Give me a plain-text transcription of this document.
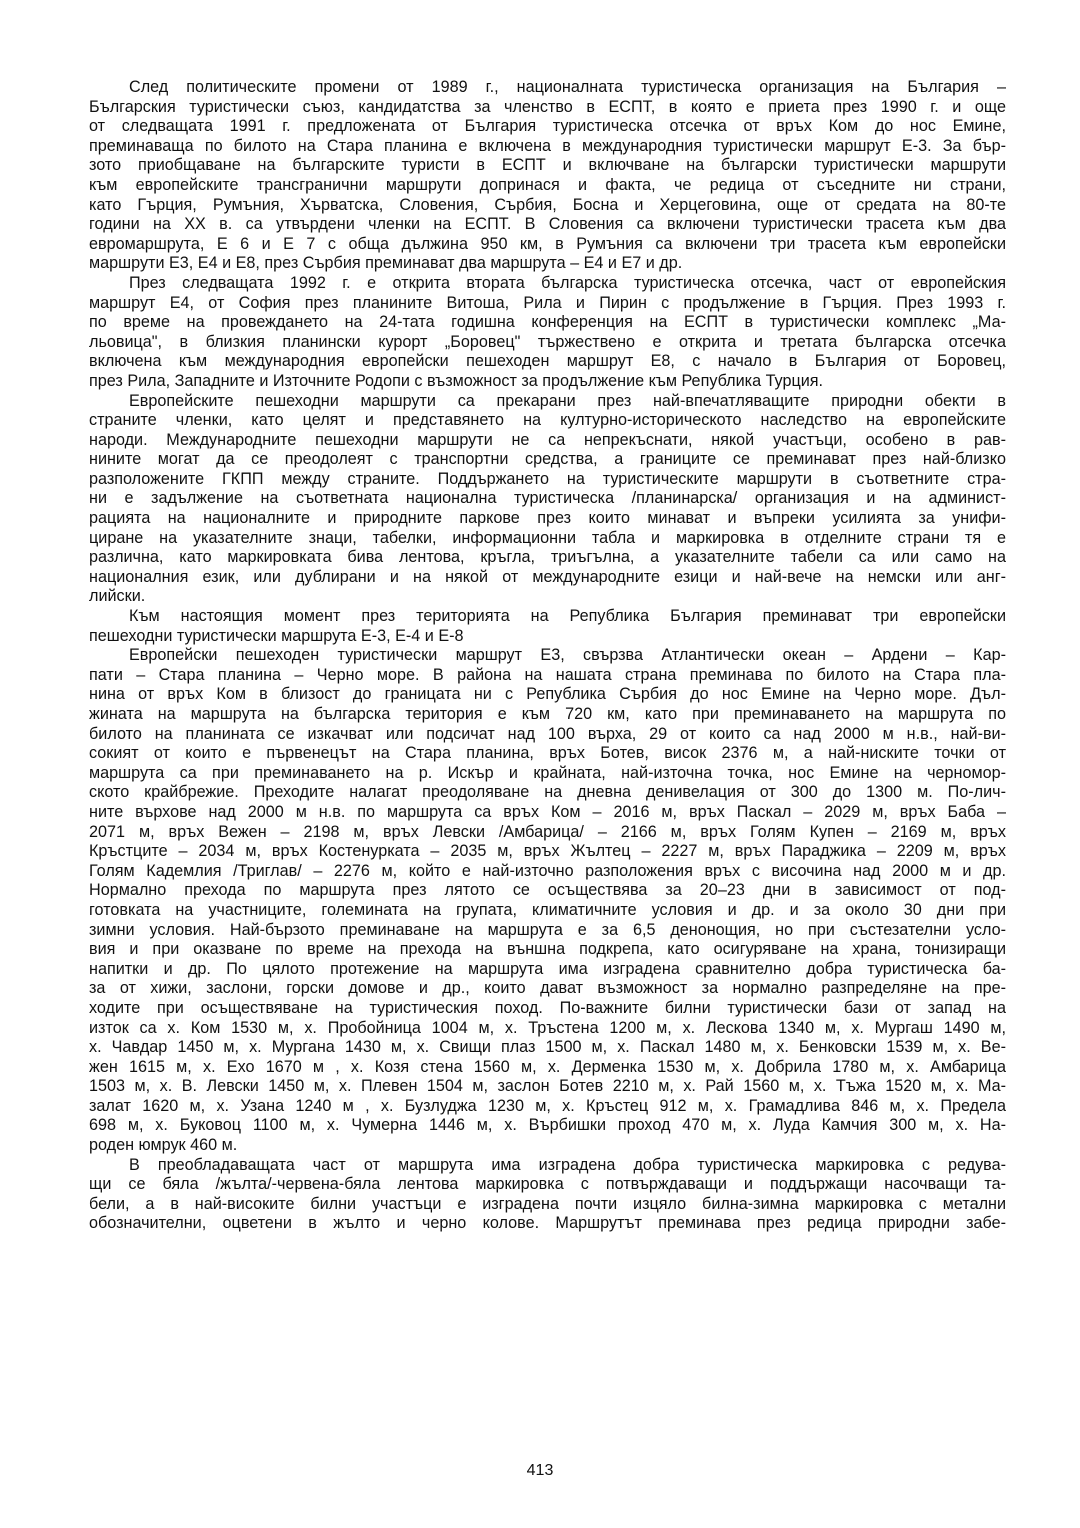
След политическите промени от 1989 г., националната туристическа организация на България –
Българския туристически съюз, кандидатства за членство в ЕСПТ, в която е приета през 1990 г. и още
от следващата 1991 г. предложената от България туристическа отсечка от връх Ком до нос Емине,
преминаваща по билото на Стара планина е включена в международния туристически маршрут Е-3. За бър-
зото приобщаване на българските туристи в ЕСПТ и включване на български туристически маршрути
към европейските трансгранични маршрути допринася и факта, че редица от съседните ни страни,
като Гърция, Румъния, Хърватска, Словения, Сърбия, Босна и Херцеговина, още от средата на 80-те
години на ХХ в. са утвърдени членки на ЕСПТ. В Словения са включени туристически трасета към два
евромаршрута, Е 6 и Е 7 с обща дължина 950 км, в Румъния са включени три трасета към европейски
маршрути Е3, Е4 и Е8, през Сърбия преминават два маршрута – Е4 и Е7 и др.
През следващата 1992 г. е открита втората българска туристическа отсечка, част от европейския
маршрут Е4, от София през планините Витоша, Рила и Пирин с продължение в Гърция. През 1993 г.
по време на провеждането на 24-тата годишна конференция на ЕСПТ в туристически комплекс „Ма-
льовица", в близкия планински курорт „Боровец" тържествено е открита и третата българска отсечка
включена към международния европейски пешеходен маршрут Е8, с начало в България от Боровец,
през Рила, Западните и Източните Родопи с възможност за продължение към Република Турция.
Европейските пешеходни маршрути са прекарани през най-впечатляващите природни обекти в
страните членки, като целят и представянето на културно-историческото наследство на европейските
народи. Международните пешеходни маршрути не са непрекъснати, някой участъци, особено в рав-
нините могат да се преодолеят с транспортни средства, а границите се преминават през най-близко
разположените ГКПП между страните. Поддържането на туристическите маршрути в съответните стра-
ни е задължение на съответната национална туристическа /планинарска/ организация и на админист-
рацията на националните и природните паркове през които минават и въпреки усилията за унифи-
циране на указателните знаци, табелки, информационни табла и маркировка в отделните страни тя е
различна, като маркировката бива лентова, кръгла, триъгълна, а указателните табели са или само на
националния език, или дублирани и на някой от международните езици и най-вече на немски или анг-
лийски.
Към настоящия момент през територията на Република България преминават три европейски
пешеходни туристически маршрута Е-3, Е-4 и Е-8
Европейски пешеходен туристически маршрут Е3, свързва Атлантически океан – Ардени – Кар-
пати – Стара планина – Черно море. В района на нашата страна преминава по билото на Стара пла-
нина от връх Ком в близост до границата ни с Република Сърбия до нос Емине на Черно море. Дъл-
жината на маршрута на българска територия е към 720 км, като при преминаването на маршрута по
билото на планината се изкачват или подсичат над 100 върха, 29 от които са над 2000 м н.в., най-ви-
сокият от които е първенецът на Стара планина, връх Ботев, висок 2376 м, а най-ниските точки от
маршрута са при преминаването на р. Искър и крайната, най-източна точка, нос Емине на черномор-
ското крайбрежие. Преходите налагат преодоляване на дневна денивелация от 300 до 1300 м. По-лич-
ните върхове над 2000 м н.в. по маршрута са връх Ком – 2016 м, връх Паскал – 2029 м, връх Баба –
2071 м, връх Вежен – 2198 м, връх Левски /Амбарица/ – 2166 м, връх Голям Купен – 2169 м, връх
Кръстците – 2034 м, връх Костенурката – 2035 м, връх Жълтец – 2227 м, връх Параджика – 2209 м, връх
Голям Кадемлия /Триглав/ – 2276 м, който е най-източно разположения връх с височина над 2000 м и др.
Нормално прехода по маршрута през лятото се осъществява за 20–23 дни в зависимост от под-
готовката на участниците, големината на групата, климатичните условия и др. и за около 30 дни при
зимни условия. Най-бързото преминаване на маршрута е за 6,5 денонощия, но при състезателни усло-
вия и при оказване по време на прехода на външна подкрепа, като осигуряване на храна, тонизиращи
напитки и др. По цялото протежение на маршрута има изградена сравнително добра туристическа ба-
за от хижи, заслони, горски домове и др., които дават възможност за нормално разпределяне на пре-
ходите при осъществяване на туристическия поход. По-важните билни туристически бази от запад на
изток са х. Ком 1530 м, х. Пробойница 1004 м, х. Тръстена 1200 м, х. Лескова 1340 м, х. Мургаш 1490 м,
х. Чавдар 1450 м, х. Мургана 1430 м, х. Свищи плаз 1500 м, х. Паскал 1480 м, х. Бенковски 1539 м, х. Ве-
жен 1615 м, х. Ехо 1670 м , х. Козя стена 1560 м, х. Дерменка 1530 м, х. Добрила 1780 м, х. Амбарица
1503 м, х. В. Левски 1450 м, х. Плевен 1504 м, заслон Ботев 2210 м, х. Рай 1560 м, х. Тъжа 1520 м, х. Ма-
залат 1620 м, х. Узана 1240 м , х. Бузлуджа 1230 м, х. Кръстец 912 м, х. Грамадлива 846 м, х. Предела
698 м, х. Буковоц 1100 м, х. Чумерна 1446 м, х. Върбишки проход 470 м, х. Луда Камчия 300 м, х. На-
роден юмрук 460 м.
В преобладаващата част от маршрута има изградена добра туристическа маркировка с редува-
щи се бяла /жълта/-червена-бяла лентова маркировка с потвърждаващи и поддържащи насочващи та-
бели, а в най-високите билни участъци е изградена почти изцяло билна-зимна маркировка с метални
обозначителни, оцветени в жълто и черно колове. Маршрутът преминава през редица природни забе-
413
